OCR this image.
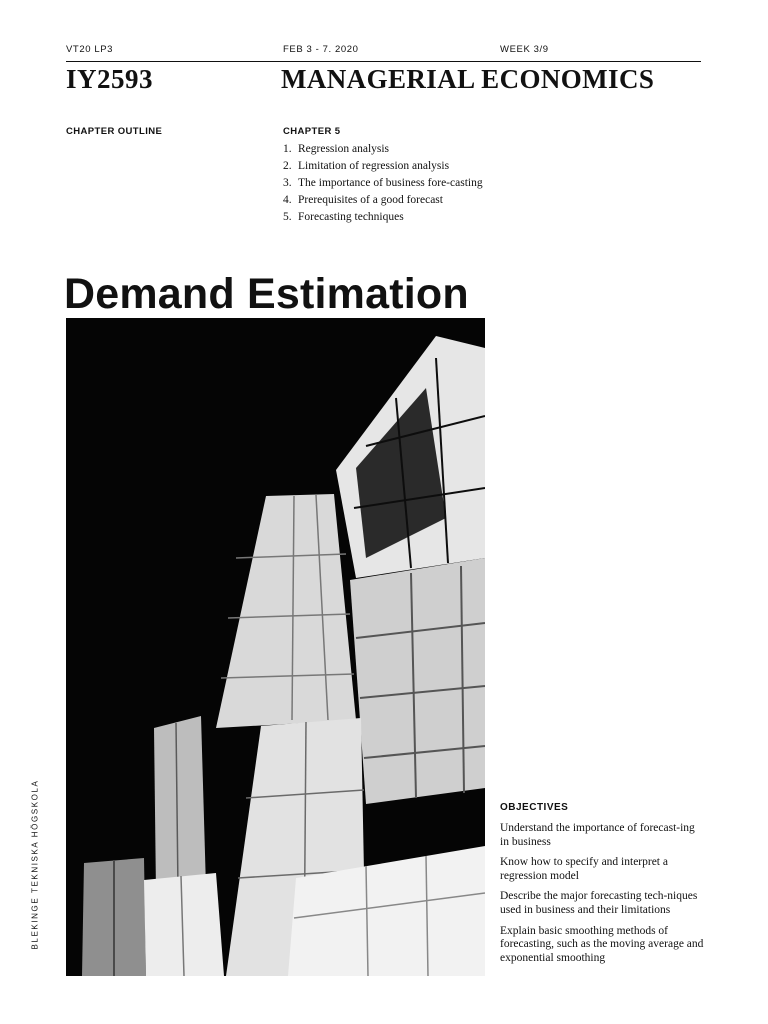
VT20 LP3	FEB 3 - 7. 2020	WEEK 3/9
IY2593	MANAGERIAL ECONOMICS
CHAPTER OUTLINE	CHAPTER 5
1. Regression analysis
2. Limitation of regression analysis
3. The importance of business fore-casting
4. Prerequisites of a good forecast
5. Forecasting techniques
Demand Estimation
BLEKINGE TEKNISKA HÖGSKOLA	OBJECTIVES
Understand the importance of forecast-ing in business
Know how to specify and interpret a regression model
Describe the major forecasting tech-niques used in business and their limitations
Explain basic smoothing methods of forecasting, such as the moving average and exponential smoothing
